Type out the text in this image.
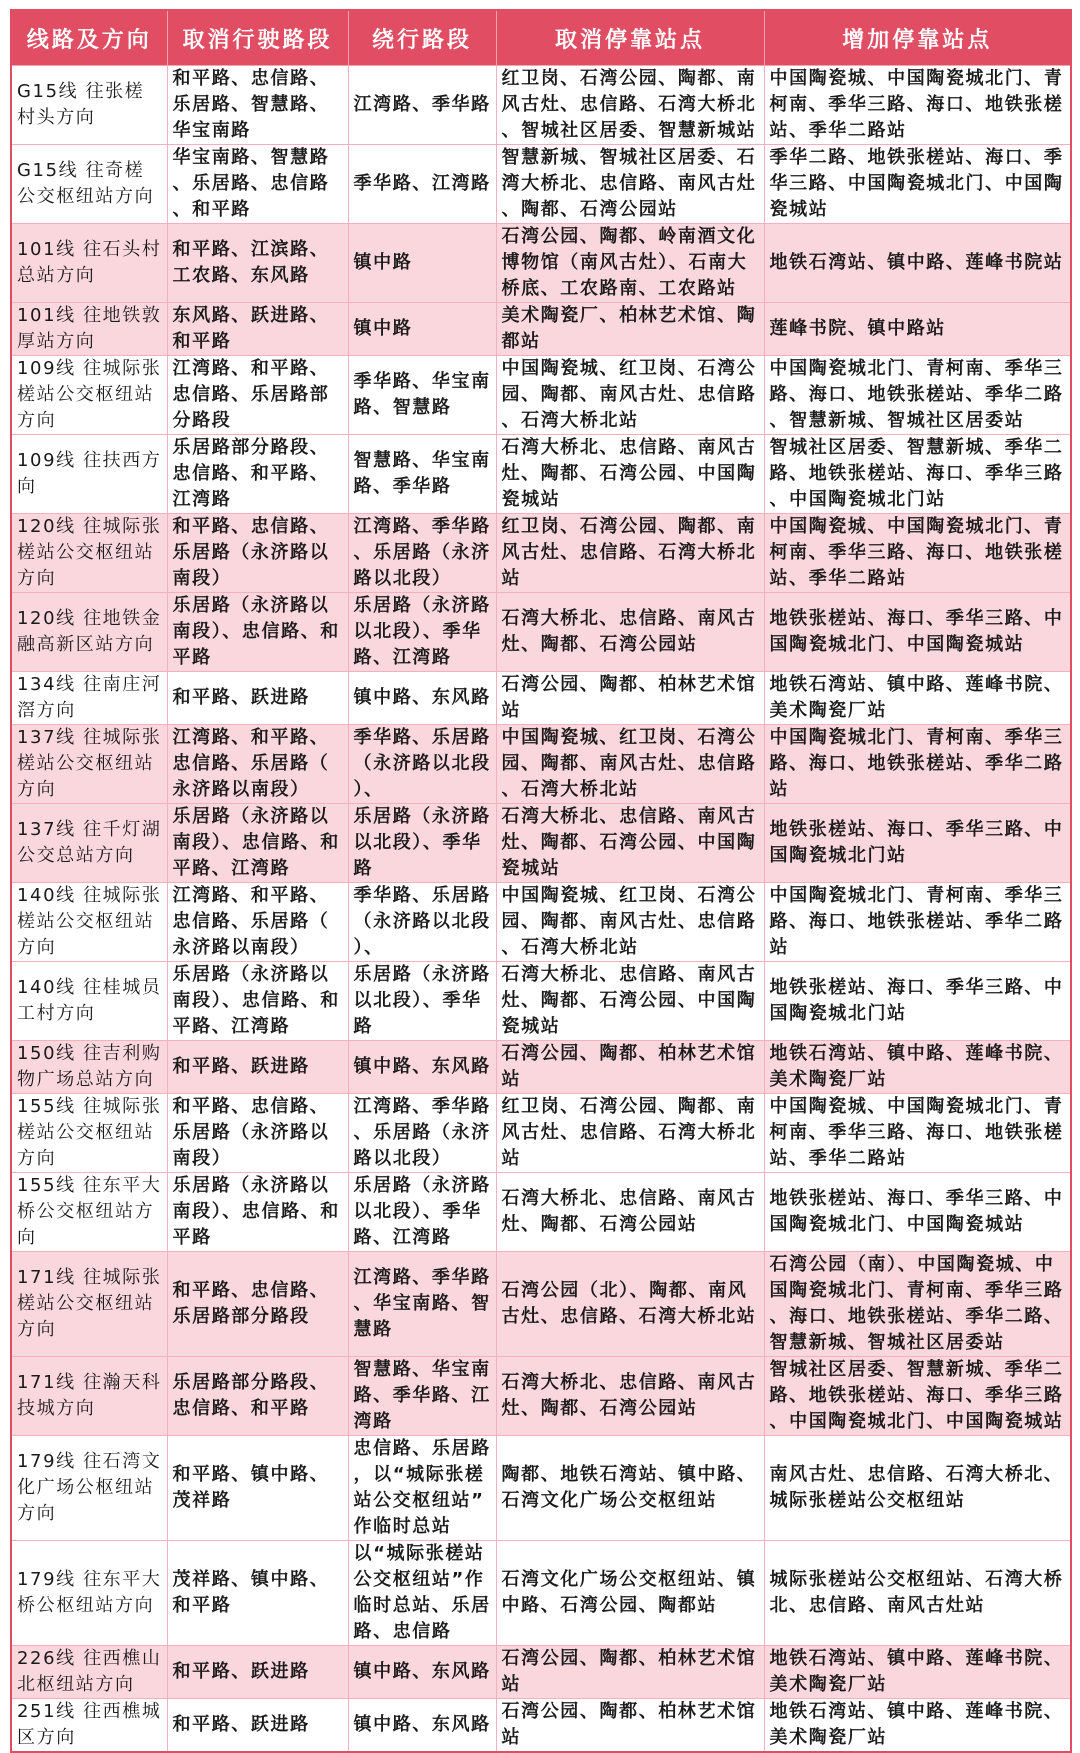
线路及方向	取消行驶路段	绕行路段	取消停靠站点	增加停靠站点
G15线 往张槎村头方向	和平路、忠信路、乐居路、智慧路、华宝南路	江湾路、季华路	红卫岗、石湾公园、陶都、南风古灶、忠信路、石湾大桥北、智城社区居委、智慧新城站	中国陶瓷城、中国陶瓷城北门、青柯南、季华三路、海口、地铁张槎站、季华二路站
G15线 往奇槎公交枢纽站方向	华宝南路、智慧路、乐居路、忠信路、和平路	季华路、江湾路	智慧新城、智城社区居委、石湾大桥北、忠信路、南风古灶、陶都、石湾公园站	季华二路、地铁张槎站、海口、季华三路、中国陶瓷城北门、中国陶瓷城站
101线 往石头村总站方向	和平路、江滨路、工农路、东风路	镇中路	石湾公园、陶都、岭南酒文化博物馆（南风古灶）、石南大桥底、工农路南、工农路站	地铁石湾站、镇中路、莲峰书院站
101线 往地铁敦厚站方向	东风路、跃进路、和平路	镇中路	美术陶瓷厂、柏林艺术馆、陶都站	莲峰书院、镇中路站
109线 往城际张槎站公交枢纽站方向	江湾路、和平路、忠信路、乐居路部分路段	季华路、华宝南路、智慧路	中国陶瓷城、红卫岗、石湾公园、陶都、南风古灶、忠信路、石湾大桥北站	中国陶瓷城北门、青柯南、季华三路、海口、地铁张槎站、季华二路、智慧新城、智城社区居委站
109线 往扶西方向	乐居路部分路段、忠信路、和平路、江湾路	智慧路、华宝南路、季华路	石湾大桥北、忠信路、南风古灶、陶都、石湾公园、中国陶瓷城站	智城社区居委、智慧新城、季华二路、地铁张槎站、海口、季华三路、中国陶瓷城北门站
120线 往城际张槎站公交枢纽站方向	和平路、忠信路、乐居路（永济路以南段）	江湾路、季华路、乐居路（永济路以北段）	红卫岗、石湾公园、陶都、南风古灶、忠信路、石湾大桥北站	中国陶瓷城、中国陶瓷城北门、青柯南、季华三路、海口、地铁张槎站、季华二路站
120线 往地铁金融高新区站方向	乐居路（永济路以南段）、忠信路、和平路	乐居路（永济路以北段）、季华路、江湾路	石湾大桥北、忠信路、南风古灶、陶都、石湾公园站	地铁张槎站、海口、季华三路、中国陶瓷城北门、中国陶瓷城站
134线 往南庄河滘方向	和平路、跃进路	镇中路、东风路	石湾公园、陶都、柏林艺术馆站	地铁石湾站、镇中路、莲峰书院、美术陶瓷厂站
137线 往城际张槎站公交枢纽站方向	江湾路、和平路、忠信路、乐居路（永济路以南段）	季华路、乐居路（永济路以北段）、	中国陶瓷城、红卫岗、石湾公园、陶都、南风古灶、忠信路、石湾大桥北站	中国陶瓷城北门、青柯南、季华三路、海口、地铁张槎站、季华二路站
137线 往千灯湖公交总站方向	乐居路（永济路以南段）、忠信路、和平路、江湾路	乐居路（永济路以北段）、季华路	石湾大桥北、忠信路、南风古灶、陶都、石湾公园、中国陶瓷城站	地铁张槎站、海口、季华三路、中国陶瓷城北门站
140线 往城际张槎站公交枢纽站方向	江湾路、和平路、忠信路、乐居路（永济路以南段）	季华路、乐居路（永济路以北段）、	中国陶瓷城、红卫岗、石湾公园、陶都、南风古灶、忠信路、石湾大桥北站	中国陶瓷城北门、青柯南、季华三路、海口、地铁张槎站、季华二路站
140线 往桂城员工村方向	乐居路（永济路以南段）、忠信路、和平路、江湾路	乐居路（永济路以北段）、季华路	石湾大桥北、忠信路、南风古灶、陶都、石湾公园、中国陶瓷城站	地铁张槎站、海口、季华三路、中国陶瓷城北门站
150线 往吉利购物广场总站方向	和平路、跃进路	镇中路、东风路	石湾公园、陶都、柏林艺术馆站	地铁石湾站、镇中路、莲峰书院、美术陶瓷厂站
155线 往城际张槎站公交枢纽站方向	和平路、忠信路、乐居路（永济路以南段）	江湾路、季华路、乐居路（永济路以北段）	红卫岗、石湾公园、陶都、南风古灶、忠信路、石湾大桥北站	中国陶瓷城、中国陶瓷城北门、青柯南、季华三路、海口、地铁张槎站、季华二路站
155线 往东平大桥公交枢纽站方向	乐居路（永济路以南段）、忠信路、和平路	乐居路（永济路以北段）、季华路、江湾路	石湾大桥北、忠信路、南风古灶、陶都、石湾公园站	地铁张槎站、海口、季华三路、中国陶瓷城北门、中国陶瓷城站
171线 往城际张槎站公交枢纽站方向	和平路、忠信路、乐居路部分路段	江湾路、季华路、华宝南路、智慧路	石湾公园（北）、陶都、南风古灶、忠信路、石湾大桥北站	石湾公园（南）、中国陶瓷城、中国陶瓷城北门、青柯南、季华三路、海口、地铁张槎站、季华二路、智慧新城、智城社区居委站
171线 往瀚天科技城方向	乐居路部分路段、忠信路、和平路	智慧路、华宝南路、季华路、江湾路	石湾大桥北、忠信路、南风古灶、陶都、石湾公园站	智城社区居委、智慧新城、季华二路、地铁张槎站、海口、季华三路、中国陶瓷城北门、中国陶瓷城站
179线 往石湾文化广场公枢纽站方向	和平路、镇中路、茂祥路	忠信路、乐居路，以“城际张槎站公交枢纽站”作临时总站	陶都、地铁石湾站、镇中路、石湾文化广场公交枢纽站	南风古灶、忠信路、石湾大桥北、城际张槎站公交枢纽站
179线 往东平大桥公枢纽站方向	茂祥路、镇中路、和平路	以“城际张槎站公交枢纽站”作临时总站、乐居路、忠信路	石湾文化广场公交枢纽站、镇中路、石湾公园、陶都站	城际张槎站公交枢纽站、石湾大桥北、忠信路、南风古灶站
226线 往西樵山北枢纽站方向	和平路、跃进路	镇中路、东风路	石湾公园、陶都、柏林艺术馆站	地铁石湾站、镇中路、莲峰书院、美术陶瓷厂站
251线 往西樵城区方向	和平路、跃进路	镇中路、东风路	石湾公园、陶都、柏林艺术馆站	地铁石湾站、镇中路、莲峰书院、美术陶瓷厂站
